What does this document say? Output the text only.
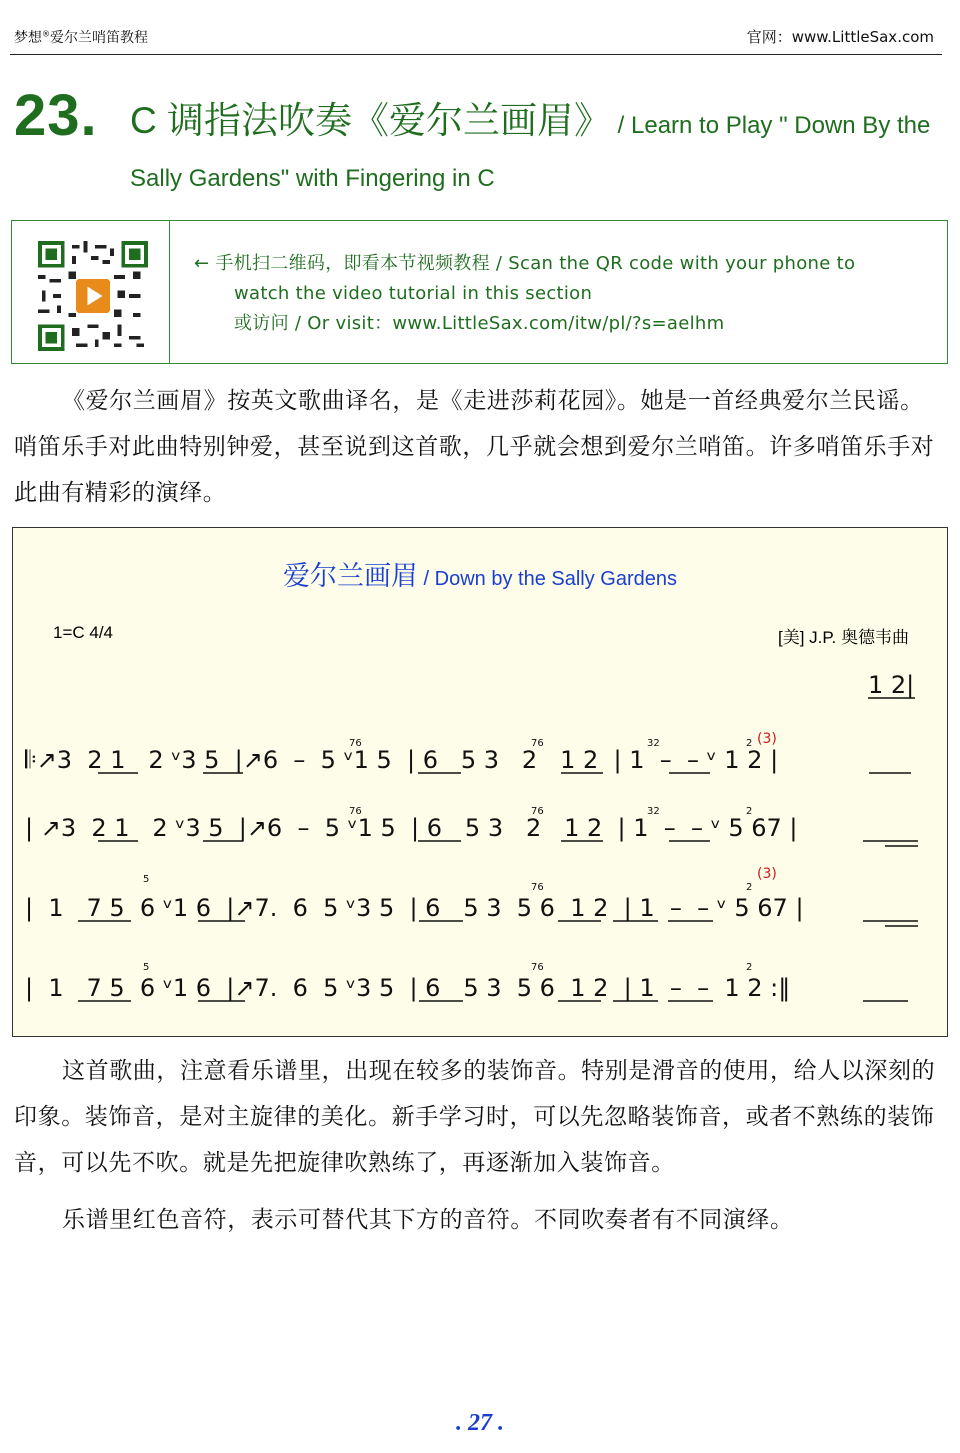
梦想®爱尔兰哨笛教程	官网：www.LittleSax.com
23. C 调指法吹奏《爱尔兰画眉》 / Learn to Play " Down By the Sally Gardens" with Fingering in C
← 手机扫二维码，即看本节视频教程 / Scan the QR code with your phone to
watch the video tutorial in this section
或访问 / Or visit：www.LittleSax.com/itw/pl/?s=aelhm
《爱尔兰画眉》按英文歌曲译名，是《走进莎莉花园》。她是一首经典爱尔兰民谣。哨笛乐手对此曲特别钟爱，甚至说到这首歌，几乎就会想到爱尔兰哨笛。许多哨笛乐手对此曲有精彩的演绎。
爱尔兰画眉 / Down by the Sally Gardens
1=C 4/4	[美] J.P. 奥德韦曲
1 2|
𝄆↗3  2 1   2 ᵛ3 5  |↗6  –  5 ᵛ1 5  | 6   5 3   2   1 2  | 1  –  – ᵛ 1 2 |
| ↗3  2 1   2 ᵛ3 5  |↗6  –  5 ᵛ1 5  | 6   5 3   2   1 2  | 1  –  – ᵛ 5 67 |
|  1   7 5  6 ᵛ1 6  |↗7.  6  5 ᵛ3 5  | 6   5 3  5 6  1 2  | 1  –  – ᵛ 5 67 |
|  1   7 5  6 ᵛ1 6  |↗7.  6  5 ᵛ3 5  | 6   5 3  5 6  1 2  | 1  –  –  1 2 :‖
76	76	32	2
76	76	32	2
5
76	2
5	76	2
(3)
(3)
这首歌曲，注意看乐谱里，出现在较多的装饰音。特别是滑音的使用，给人以深刻的印象。装饰音，是对主旋律的美化。新手学习时，可以先忽略装饰音，或者不熟练的装饰音，可以先不吹。就是先把旋律吹熟练了，再逐渐加入装饰音。
乐谱里红色音符，表示可替代其下方的音符。不同吹奏者有不同演绎。
. 27 .
